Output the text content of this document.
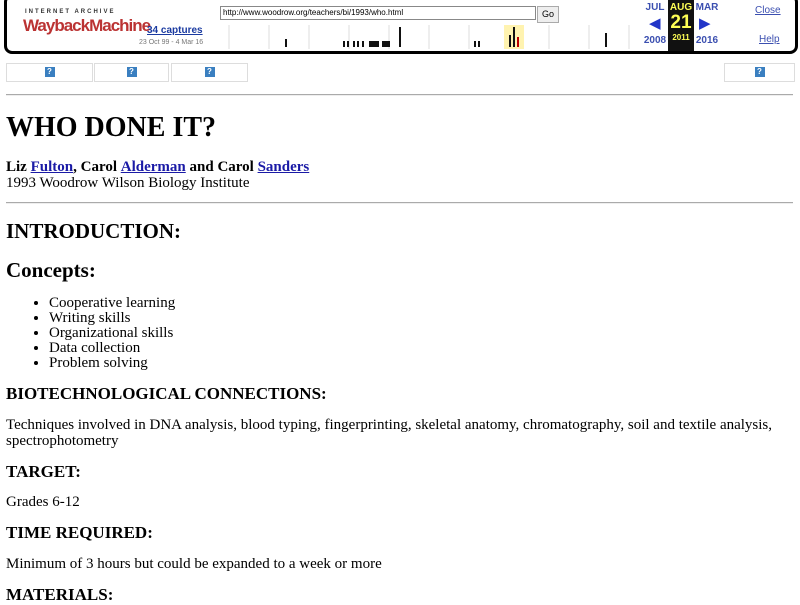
INTERNET ARCHIVE
WaybackMachine
34 captures
23 Oct 99 - 4 Mar 16
http://www.woodrow.org/teachers/bi/1993/who.html	Go
JUL
◀
2008
AUG
21
2011
MAR
▶
2016
Close
Help
?	?	?	?
WHO DONE IT?
Liz Fulton, Carol Alderman and Carol Sanders
1993 Woodrow Wilson Biology Institute
INTRODUCTION:
Concepts:
• Cooperative learning
• Writing skills
• Organizational skills
• Data collection
• Problem solving
BIOTECHNOLOGICAL CONNECTIONS:
Techniques involved in DNA analysis, blood typing, fingerprinting, skeletal anatomy, chromatography, soil and textile analysis, spectrophotometry
TARGET:
Grades 6-12
TIME REQUIRED:
Minimum of 3 hours but could be expanded to a week or more
MATERIALS:
